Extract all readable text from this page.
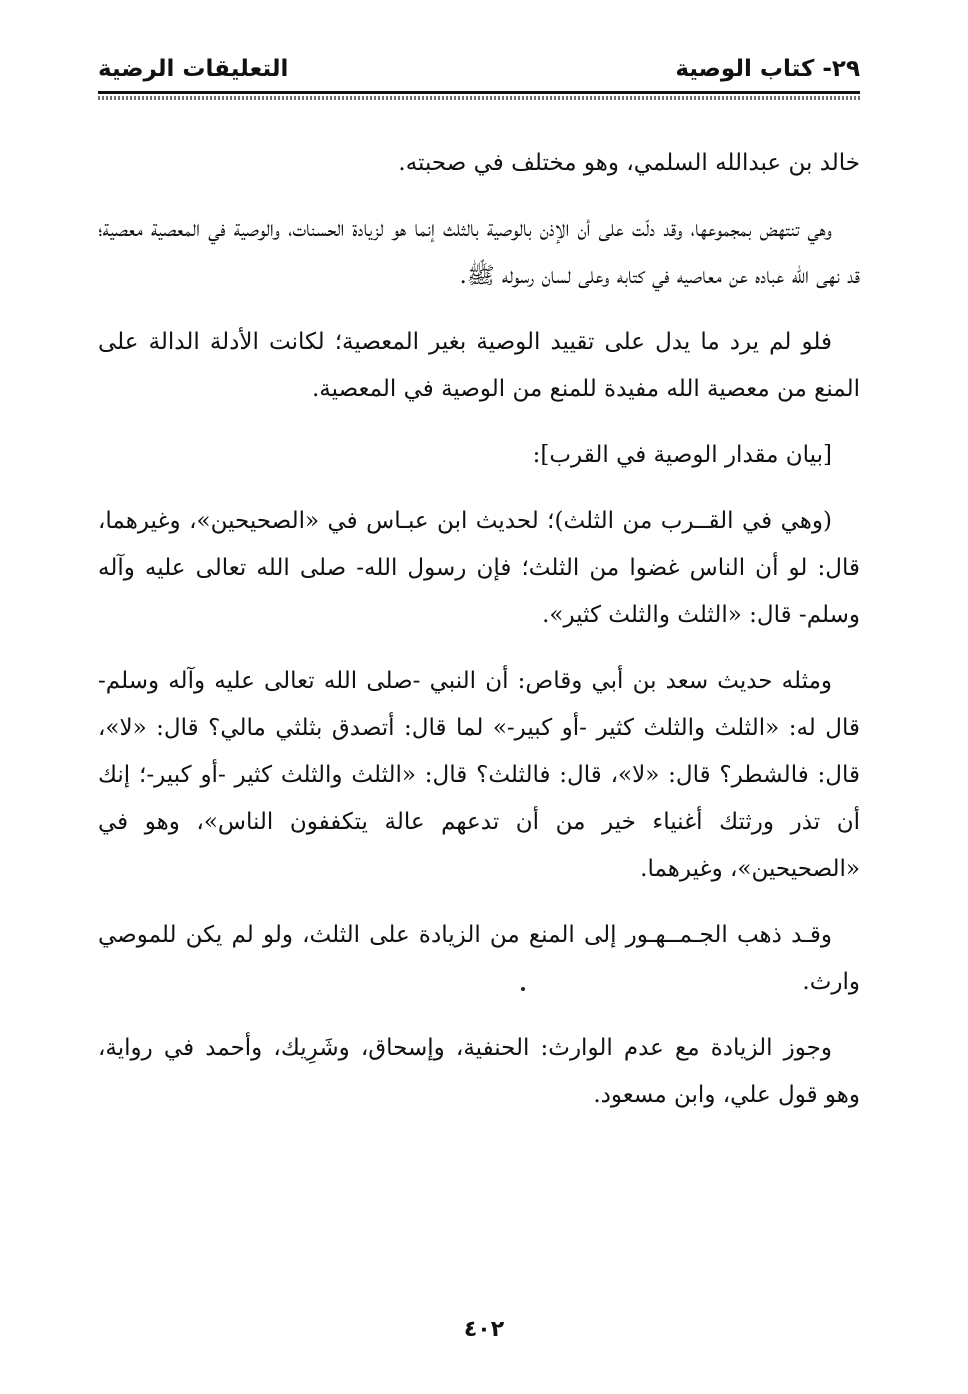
٢٩- كتاب الوصية
التعليقات الرضية

خالد بن عبدالله السلمي، وهو مختلف في صحبته.

وهي تنتهض بمجموعها، وقد دلّت على أن الإذن بالوصية بالثلث إنما هو لزيادة الحسنات، والوصية في المعصية معصية؛ قد نهى الله عباده عن معاصيه في كتابه وعلى لسان رسوله ﷺ.

فلو لم يرد ما يدل على تقييد الوصية بغير المعصية؛ لكانت الأدلة الدالة على المنع من معصية الله مفيدة للمنع من الوصية في المعصية.

[بيان مقدار الوصية في القرب]:

(وهي في القــرب من الثلث)؛ لحديث ابن عبـاس في «الصحيحين»، وغيرهما، قال: لو أن الناس غضوا من الثلث؛ فإن رسول الله- صلى الله تعالى عليه وآله وسلم- قال: «الثلث والثلث كثير».

ومثله حديث سعد بن أبي وقاص: أن النبي -صلى الله تعالى عليه وآله وسلم- قال له: «الثلث والثلث كثير -أو كبير-» لما قال: أتصدق بثلثي مالي؟ قال: «لا»، قال: فالشطر؟ قال: «لا»، قال: فالثلث؟ قال: «الثلث والثلث كثير -أو كبير-؛ إنك أن تذر ورثتك أغنياء خير من أن تدعهم عالة يتكففون الناس»، وهو في «الصحيحين»، وغيرهما.

وقـد ذهب الجـمــهـور إلى المنع من الزيادة على الثلث، ولو لم يكن للموصي وارث.

وجوز الزيادة مع عدم الوارث: الحنفية، وإسحاق، وشَرِيك، وأحمد في رواية، وهو قول علي، وابن مسعود.

٤٠٢
